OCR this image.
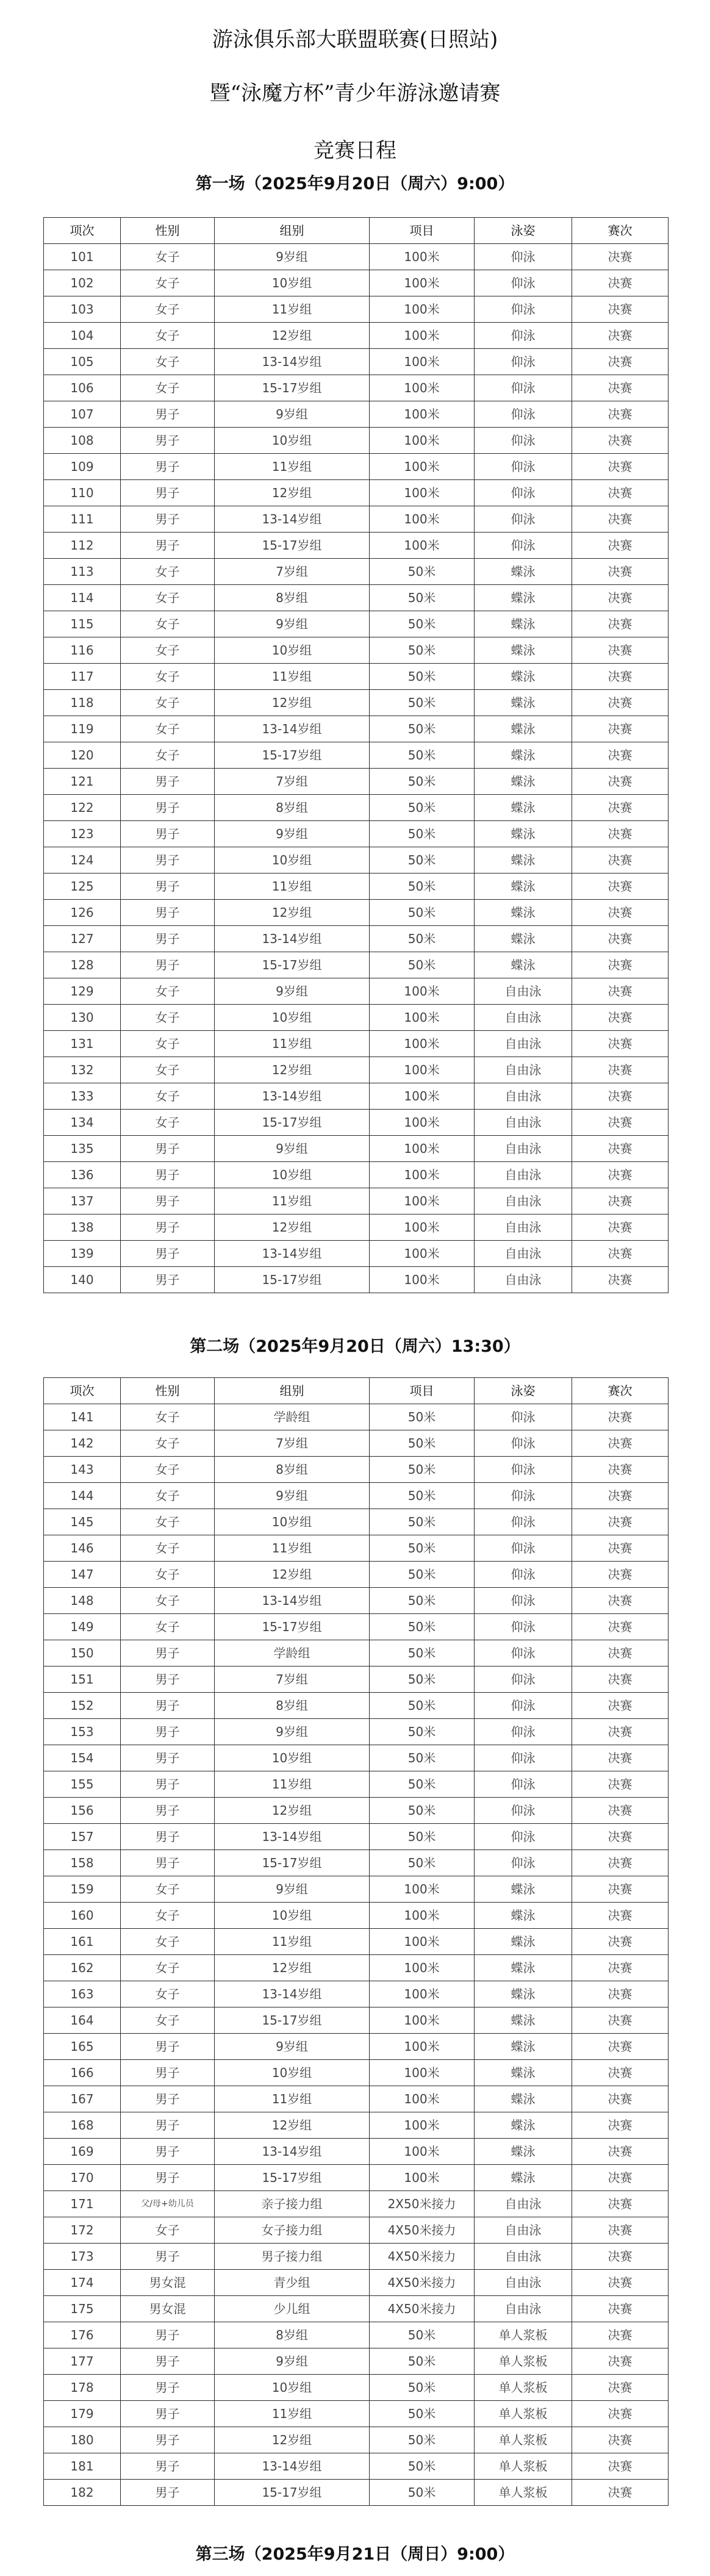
游泳俱乐部大联盟联赛(日照站)
暨“泳魔方杯”青少年游泳邀请赛
竞赛日程
第一场（2025年9月20日（周六）9:00）
项次	性别	组别	项目	泳姿	赛次
101	女子	9岁组	100米	仰泳	决赛
102	女子	10岁组	100米	仰泳	决赛
103	女子	11岁组	100米	仰泳	决赛
104	女子	12岁组	100米	仰泳	决赛
105	女子	13-14岁组	100米	仰泳	决赛
106	女子	15-17岁组	100米	仰泳	决赛
107	男子	9岁组	100米	仰泳	决赛
108	男子	10岁组	100米	仰泳	决赛
109	男子	11岁组	100米	仰泳	决赛
110	男子	12岁组	100米	仰泳	决赛
111	男子	13-14岁组	100米	仰泳	决赛
112	男子	15-17岁组	100米	仰泳	决赛
113	女子	7岁组	50米	蝶泳	决赛
114	女子	8岁组	50米	蝶泳	决赛
115	女子	9岁组	50米	蝶泳	决赛
116	女子	10岁组	50米	蝶泳	决赛
117	女子	11岁组	50米	蝶泳	决赛
118	女子	12岁组	50米	蝶泳	决赛
119	女子	13-14岁组	50米	蝶泳	决赛
120	女子	15-17岁组	50米	蝶泳	决赛
121	男子	7岁组	50米	蝶泳	决赛
122	男子	8岁组	50米	蝶泳	决赛
123	男子	9岁组	50米	蝶泳	决赛
124	男子	10岁组	50米	蝶泳	决赛
125	男子	11岁组	50米	蝶泳	决赛
126	男子	12岁组	50米	蝶泳	决赛
127	男子	13-14岁组	50米	蝶泳	决赛
128	男子	15-17岁组	50米	蝶泳	决赛
129	女子	9岁组	100米	自由泳	决赛
130	女子	10岁组	100米	自由泳	决赛
131	女子	11岁组	100米	自由泳	决赛
132	女子	12岁组	100米	自由泳	决赛
133	女子	13-14岁组	100米	自由泳	决赛
134	女子	15-17岁组	100米	自由泳	决赛
135	男子	9岁组	100米	自由泳	决赛
136	男子	10岁组	100米	自由泳	决赛
137	男子	11岁组	100米	自由泳	决赛
138	男子	12岁组	100米	自由泳	决赛
139	男子	13-14岁组	100米	自由泳	决赛
140	男子	15-17岁组	100米	自由泳	决赛
第二场（2025年9月20日（周六）13:30）
项次	性别	组别	项目	泳姿	赛次
141	女子	学龄组	50米	仰泳	决赛
142	女子	7岁组	50米	仰泳	决赛
143	女子	8岁组	50米	仰泳	决赛
144	女子	9岁组	50米	仰泳	决赛
145	女子	10岁组	50米	仰泳	决赛
146	女子	11岁组	50米	仰泳	决赛
147	女子	12岁组	50米	仰泳	决赛
148	女子	13-14岁组	50米	仰泳	决赛
149	女子	15-17岁组	50米	仰泳	决赛
150	男子	学龄组	50米	仰泳	决赛
151	男子	7岁组	50米	仰泳	决赛
152	男子	8岁组	50米	仰泳	决赛
153	男子	9岁组	50米	仰泳	决赛
154	男子	10岁组	50米	仰泳	决赛
155	男子	11岁组	50米	仰泳	决赛
156	男子	12岁组	50米	仰泳	决赛
157	男子	13-14岁组	50米	仰泳	决赛
158	男子	15-17岁组	50米	仰泳	决赛
159	女子	9岁组	100米	蝶泳	决赛
160	女子	10岁组	100米	蝶泳	决赛
161	女子	11岁组	100米	蝶泳	决赛
162	女子	12岁组	100米	蝶泳	决赛
163	女子	13-14岁组	100米	蝶泳	决赛
164	女子	15-17岁组	100米	蝶泳	决赛
165	男子	9岁组	100米	蝶泳	决赛
166	男子	10岁组	100米	蝶泳	决赛
167	男子	11岁组	100米	蝶泳	决赛
168	男子	12岁组	100米	蝶泳	决赛
169	男子	13-14岁组	100米	蝶泳	决赛
170	男子	15-17岁组	100米	蝶泳	决赛
171	父/母+幼儿员	亲子接力组	2X50米接力	自由泳	决赛
172	女子	女子接力组	4X50米接力	自由泳	决赛
173	男子	男子接力组	4X50米接力	自由泳	决赛
174	男女混	青少组	4X50米接力	自由泳	决赛
175	男女混	少儿组	4X50米接力	自由泳	决赛
176	男子	8岁组	50米	单人浆板	决赛
177	男子	9岁组	50米	单人浆板	决赛
178	男子	10岁组	50米	单人浆板	决赛
179	男子	11岁组	50米	单人浆板	决赛
180	男子	12岁组	50米	单人浆板	决赛
181	男子	13-14岁组	50米	单人浆板	决赛
182	男子	15-17岁组	50米	单人浆板	决赛
第三场（2025年9月21日（周日）9:00）
